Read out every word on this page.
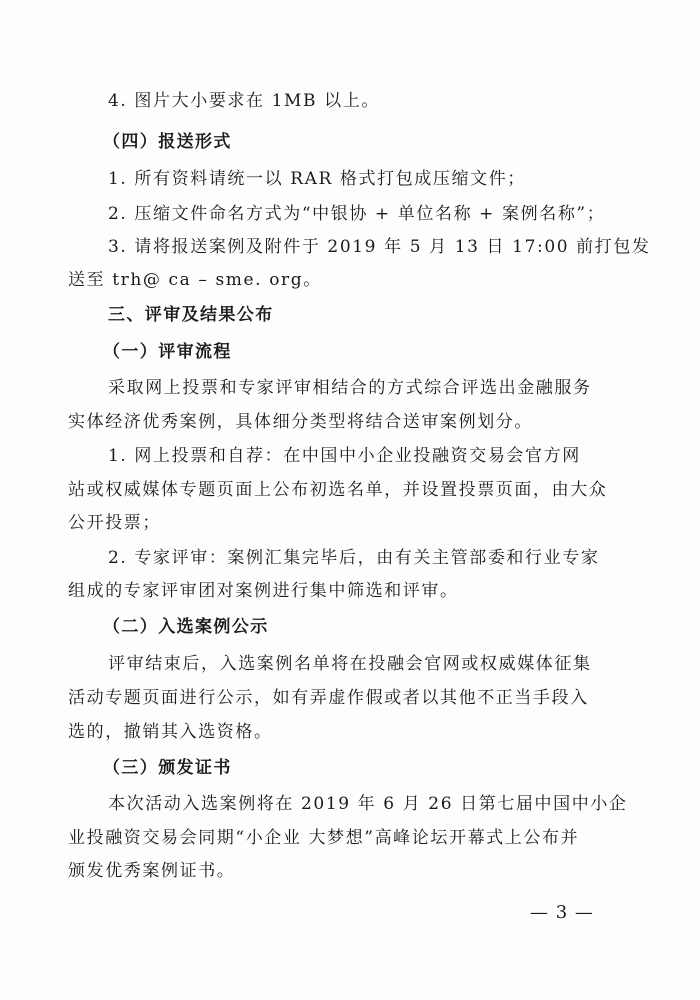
4. 图片大小要求在 1MB 以上。
（四）报送形式
1. 所有资料请统一以 RAR 格式打包成压缩文件；
2. 压缩文件命名方式为“中银协 + 单位名称 + 案例名称”；
3. 请将报送案例及附件于 2019 年 5 月 13 日 17:00 前打包发
送至 trh@ ca – sme. org。
三、评审及结果公布
（一）评审流程
采取网上投票和专家评审相结合的方式综合评选出金融服务
实体经济优秀案例，具体细分类型将结合送审案例划分。
1. 网上投票和自荐：在中国中小企业投融资交易会官方网
站或权威媒体专题页面上公布初选名单，并设置投票页面，由大众
公开投票；
2. 专家评审：案例汇集完毕后，由有关主管部委和行业专家
组成的专家评审团对案例进行集中筛选和评审。
（二）入选案例公示
评审结束后，入选案例名单将在投融会官网或权威媒体征集
活动专题页面进行公示，如有弄虚作假或者以其他不正当手段入
选的，撤销其入选资格。
（三）颁发证书
本次活动入选案例将在 2019 年 6 月 26 日第七届中国中小企
业投融资交易会同期“小企业 大梦想”高峰论坛开幕式上公布并
颁发优秀案例证书。
— 3 —
